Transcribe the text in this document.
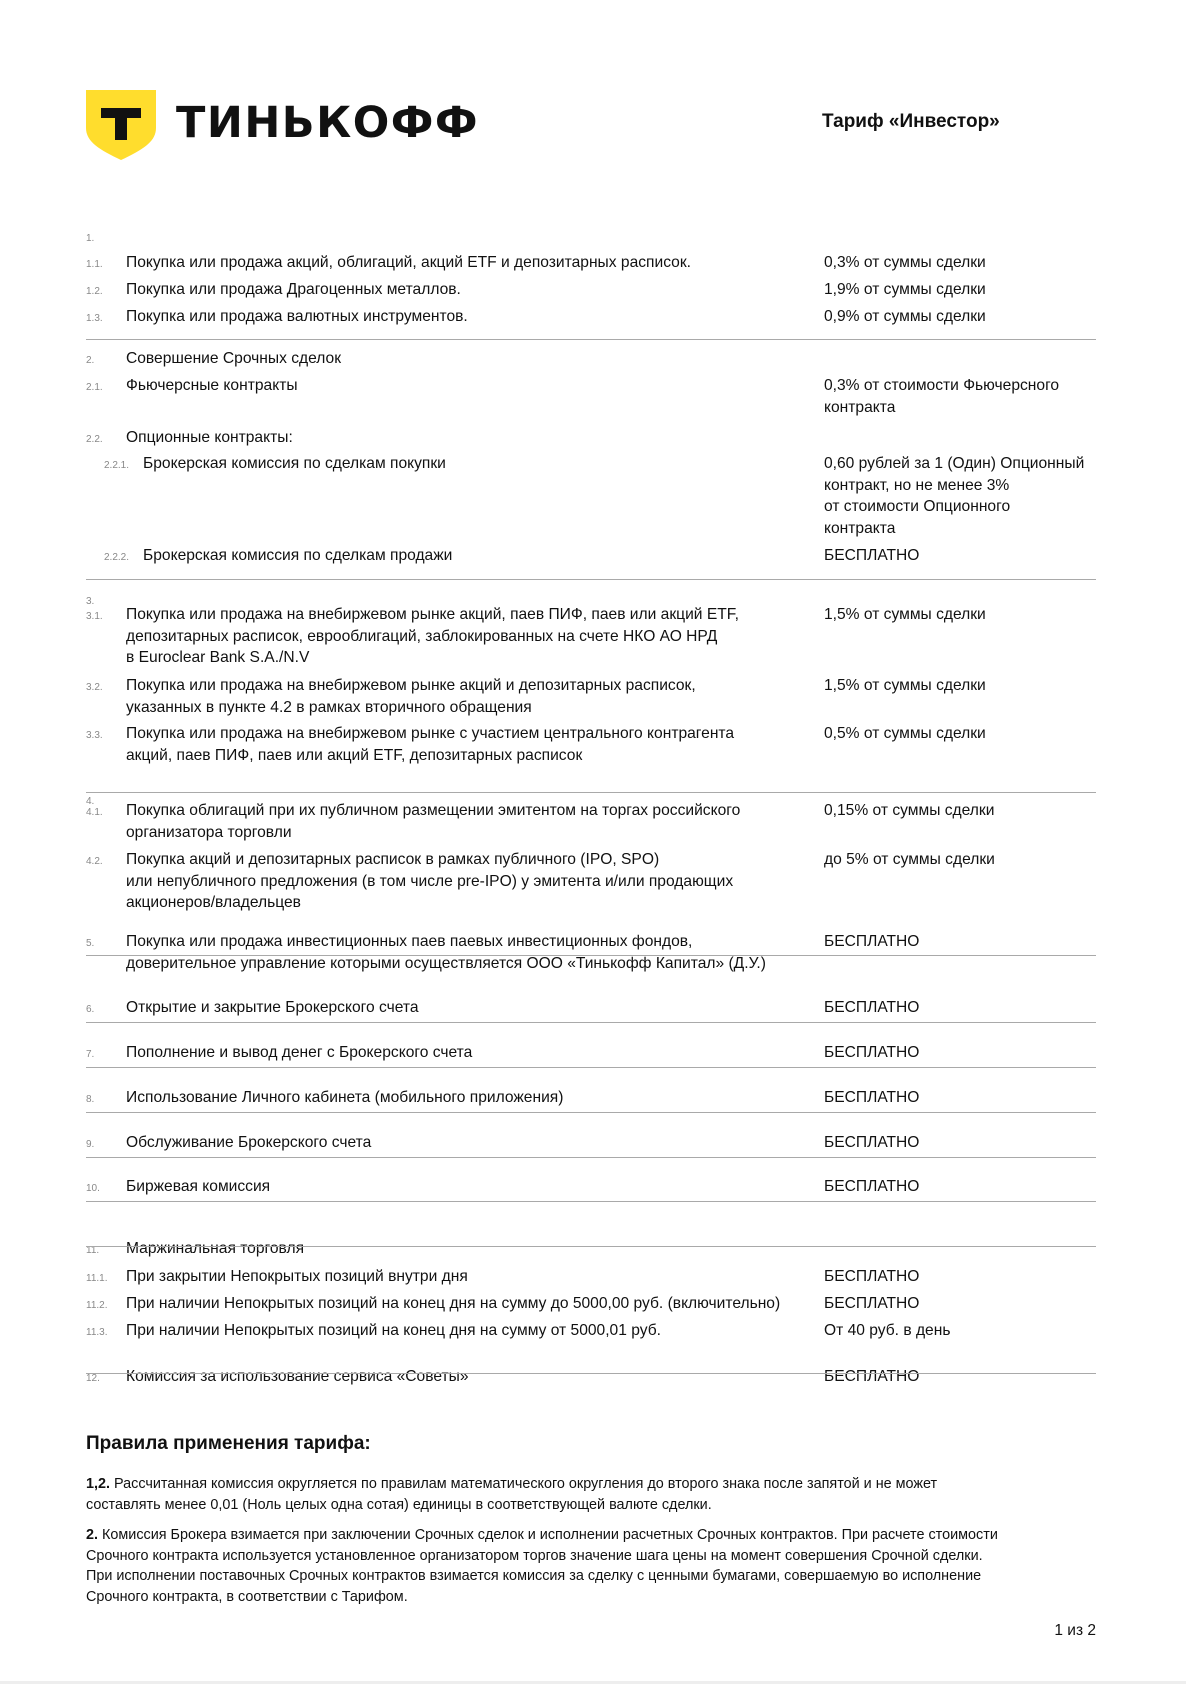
ТИНЬКОФФ	Тариф «Инвестор»
1.
1.1. Покупка или продажа акций, облигаций, акций ETF и депозитарных расписок.	0,3% от суммы сделки
1.2. Покупка или продажа Драгоценных металлов.	1,9% от суммы сделки
1.3. Покупка или продажа валютных инструментов.	0,9% от суммы сделки
2. Совершение Срочных сделок
2.1. Фьючерсные контракты	0,3% от стоимости Фьючерсного
контракта
2.2. Опционные контракты:
2.2.1. Брокерская комиссия по сделкам покупки	0,60 рублей за 1 (Один) Опционный
контракт, но не менее 3%
от стоимости Опционного
контракта
2.2.2. Брокерская комиссия по сделкам продажи	БЕСПЛАТНО
3.
3.1. Покупка или продажа на внебиржевом рынке акций, паев ПИФ, паев или акций ETF,
депозитарных расписок, еврооблигаций, заблокированных на счете НКО АО НРД
в Euroclear Bank S.A./N.V
1,5% от суммы сделки
3.2. Покупка или продажа на внебиржевом рынке акций и депозитарных расписок,
указанных в пункте 4.2 в рамках вторичного обращения
1,5% от суммы сделки
3.3. Покупка или продажа на внебиржевом рынке с участием центрального контрагента
акций, паев ПИФ, паев или акций ETF, депозитарных расписок
0,5% от суммы сделки
4.
4.1. Покупка облигаций при их публичном размещении эмитентом на торгах российского
организатора торговли
0,15% от суммы сделки
4.2. Покупка акций и депозитарных расписок в рамках публичного (IPO, SPO)
или непубличного предложения (в том числе pre-IPO) у эмитента и/или продающих
акционеров/владельцев
до 5% от суммы сделки
5. Покупка или продажа инвестиционных паев паевых инвестиционных фондов,
доверительное управление которыми осуществляется ООО «Тинькофф Капитал» (Д.У.)
БЕСПЛАТНО
6. Открытие и закрытие Брокерского счета	БЕСПЛАТНО
7. Пополнение и вывод денег с Брокерского счета	БЕСПЛАТНО
8. Использование Личного кабинета (мобильного приложения)	БЕСПЛАТНО
9. Обслуживание Брокерского счета	БЕСПЛАТНО
10. Биржевая комиссия	БЕСПЛАТНО
11. Маржинальная торговля
11.1. При закрытии Непокрытых позиций внутри дня	БЕСПЛАТНО
11.2. При наличии Непокрытых позиций на конец дня на сумму до 5000,00 руб. (включительно)	БЕСПЛАТНО
11.3. При наличии Непокрытых позиций на конец дня на сумму от 5000,01 руб.	От 40 руб. в день
12. Комиссия за использование сервиса «Советы»	БЕСПЛАТНО
Правила применения тарифа:
1,2. Рассчитанная комиссия округляется по правилам математического округления до второго знака после запятой и не может
составлять менее 0,01 (Ноль целых одна сотая) единицы в соответствующей валюте сделки.
2. Комиссия Брокера взимается при заключении Срочных сделок и исполнении расчетных Срочных контрактов. При расчете стоимости
Срочного контракта используется установленное организатором торгов значение шага цены на момент совершения Срочной сделки.
При исполнении поставочных Срочных контрактов взимается комиссия за сделку с ценными бумагами, совершаемую во исполнение
Срочного контракта, в соответствии с Тарифом.
1 из 2
